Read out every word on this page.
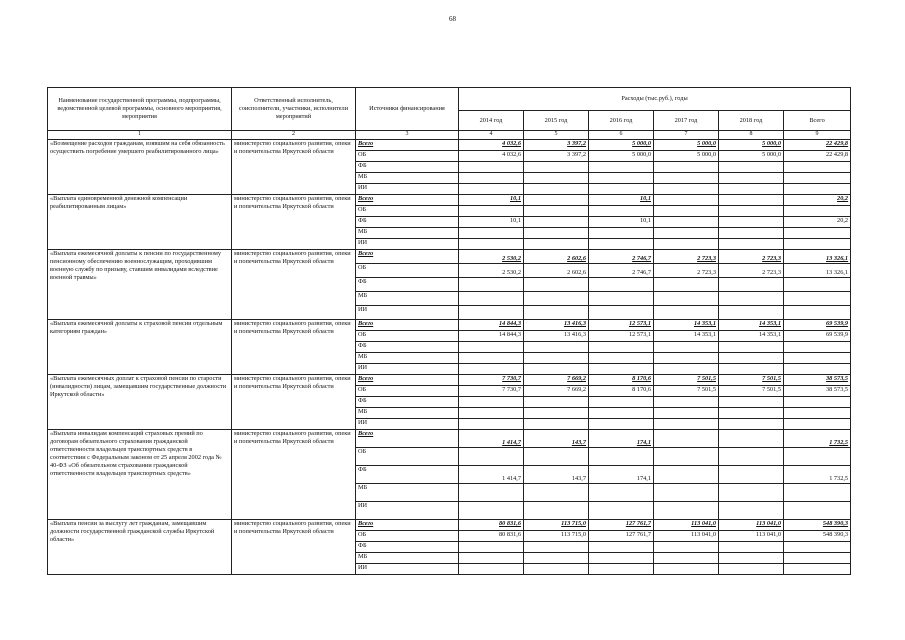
68
Наименование государственной программы, подпрограммы, ведомственной целевой программы, основного мероприятия, мероприятия	Ответственный исполнитель, соисполнители, участники, исполнители мероприятий	Источники финансирования	Расходы (тыс.руб.), годы					
			2014 год	2015 год	2016 год	2017 год	2018 год	Всего
1	2	3	4	5	6	7	8	9
«Возмещение расходов гражданам, взявшим на себя обязанность осуществить погребение умершего реабилитированного лица»	министерство социального развития, опеки и попечительства Иркутской области	Всего	4 032,6	3 397,2	5 000,0	5 000,0	5 000,0	22 429,8
		ОБ	4 032,6	3 397,2	5 000,0	5 000,0	5 000,0	22 429,8
		ФБ						
		МБ						
		ИИ						
«Выплата единовременной денежной компенсации реабилитированным лицам»	министерство социального развития, опеки и попечительства Иркутской области	Всего	10,1		10,1			20,2
		ОБ						
		ФБ	10,1		10,1			20,2
		МБ						
		ИИ						
«Выплата ежемесячной доплаты к пенсии по государственному пенсионному обеспечению военнослужащим, проходившим военную службу по призыву, ставшим инвалидами вследствие военной травмы»	министерство социального развития, опеки и попечительства Иркутской области	Всего	2 530,2	2 602,6	2 746,7	2 723,3	2 723,3	13 326,1
		ОБ	2 530,2	2 602,6	2 746,7	2 723,3	2 723,3	13 326,1
		ФБ						
		МБ						
		ИИ						
«Выплата ежемесячной доплаты к страховой пенсии отдельным категориям граждан»	министерство социального развития, опеки и попечительства Иркутской области	Всего	14 844,3	13 416,3	12 573,1	14 353,1	14 353,1	69 539,9
		ОБ	14 844,3	13 416,3	12 573,1	14 353,1	14 353,1	69 539,9
		ФБ						
		МБ						
		ИИ						
«Выплата ежемесячных доплат к страховой пенсии по старости (инвалидности) лицам, замещавшим государственные должности Иркутской области»	министерство социального развития, опеки и попечительства Иркутской области	Всего	7 730,7	7 669,2	8 170,6	7 501,5	7 501,5	38 573,5
		ОБ	7 730,7	7 669,2	8 170,6	7 501,5	7 501,5	38 573,5
		ФБ						
		МБ						
		ИИ						
«Выплата инвалидам компенсаций страховых премий по договорам обязательного страхования гражданской ответственности владельцев транспортных средств в соответствии с Федеральным законом от 25 апреля 2002 года № 40-ФЗ «Об обязательном страховании гражданской ответственности владельцев транспортных средств»	министерство социального развития, опеки и попечительства Иркутской области	Всего	1 414,7	143,7	174,1			1 732,5
		ОБ						
		ФБ	1 414,7	143,7	174,1			1 732,5
		МБ						
		ИИ						
«Выплата пенсии за выслугу лет гражданам, замещавшим должности государственной гражданской службы Иркутской области»	министерство социального развития, опеки и попечительства Иркутской области	Всего	80 831,6	113 715,0	127 761,7	113 041,0	113 041,0	548 390,3
		ОБ	80 831,6	113 715,0	127 761,7	113 041,0	113 041,0	548 390,3
		ФБ						
		МБ						
		ИИ						
